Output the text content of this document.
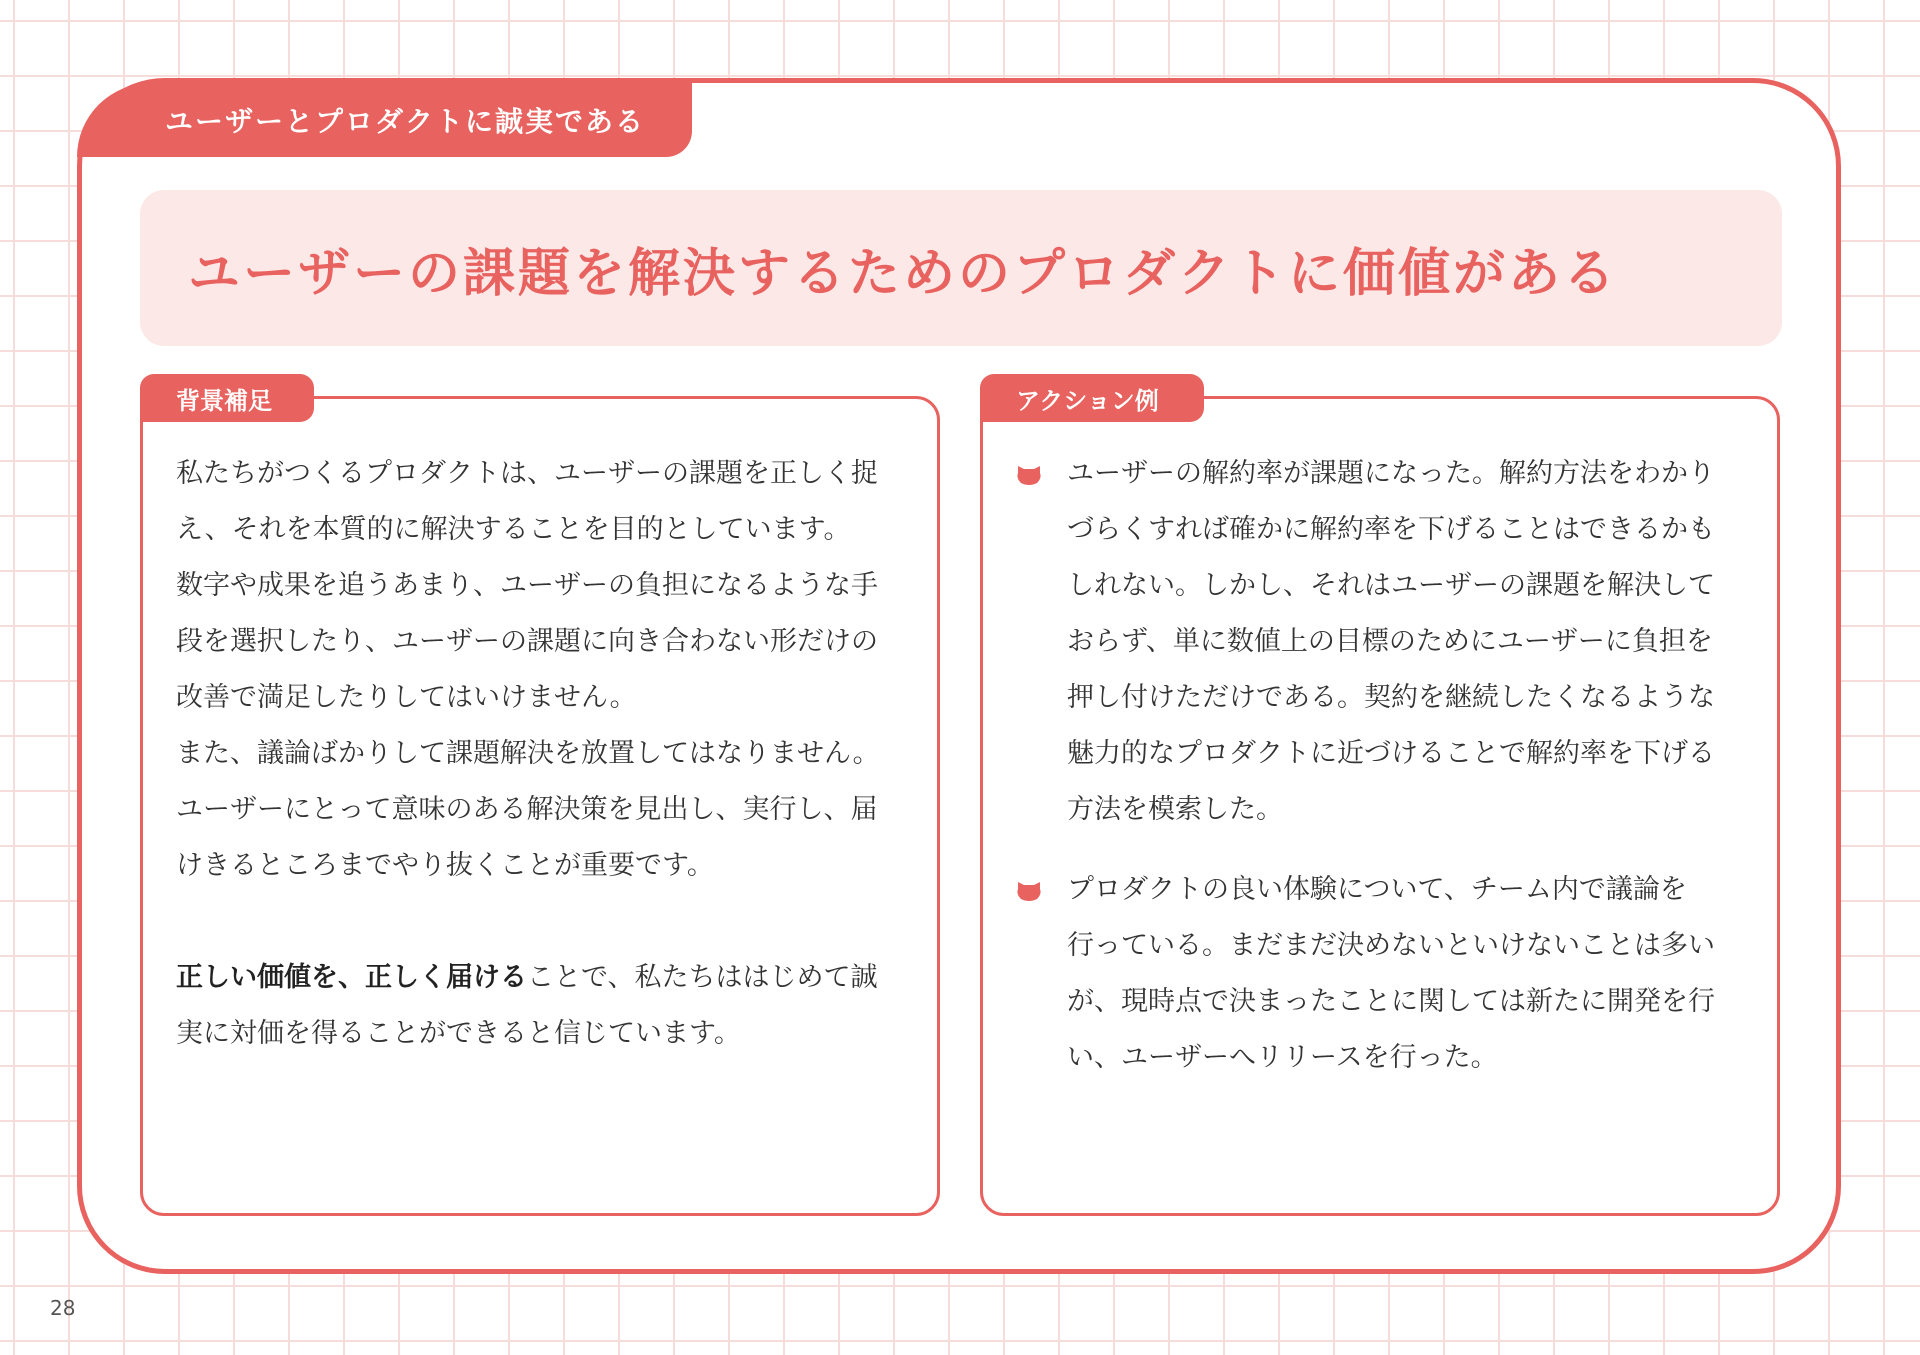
ユーザーとプロダクトに誠実である
ユーザーの課題を解決するためのプロダクトに価値がある
背景補足	アクション例

私たちがつくるプロダクトは、ユーザーの課題を正しく捉

え、それを本質的に解決することを目的としています。

数字や成果を追うあまり、ユーザーの負担になるような手

段を選択したり、ユーザーの課題に向き合わない形だけの

改善で満足したりしてはいけません。

また、議論ばかりして課題解決を放置してはなりません。

ユーザーにとって意味のある解決策を見出し、実行し、届

けきるところまでやり抜くことが重要です。

正しい価値を、正しく届けることで、私たちははじめて誠

実に対価を得ることができると信じています。

ユーザーの解約率が課題になった。解約方法をわかり

づらくすれば確かに解約率を下げることはできるかも

しれない。しかし、それはユーザーの課題を解決して

おらず、単に数値上の目標のためにユーザーに負担を

押し付けただけである。契約を継続したくなるような

魅力的なプロダクトに近づけることで解約率を下げる

方法を模索した。

プロダクトの良い体験について、チーム内で議論を

行っている。まだまだ決めないといけないことは多い

が、現時点で決まったことに関しては新たに開発を行

い、ユーザーへリリースを行った。

28
